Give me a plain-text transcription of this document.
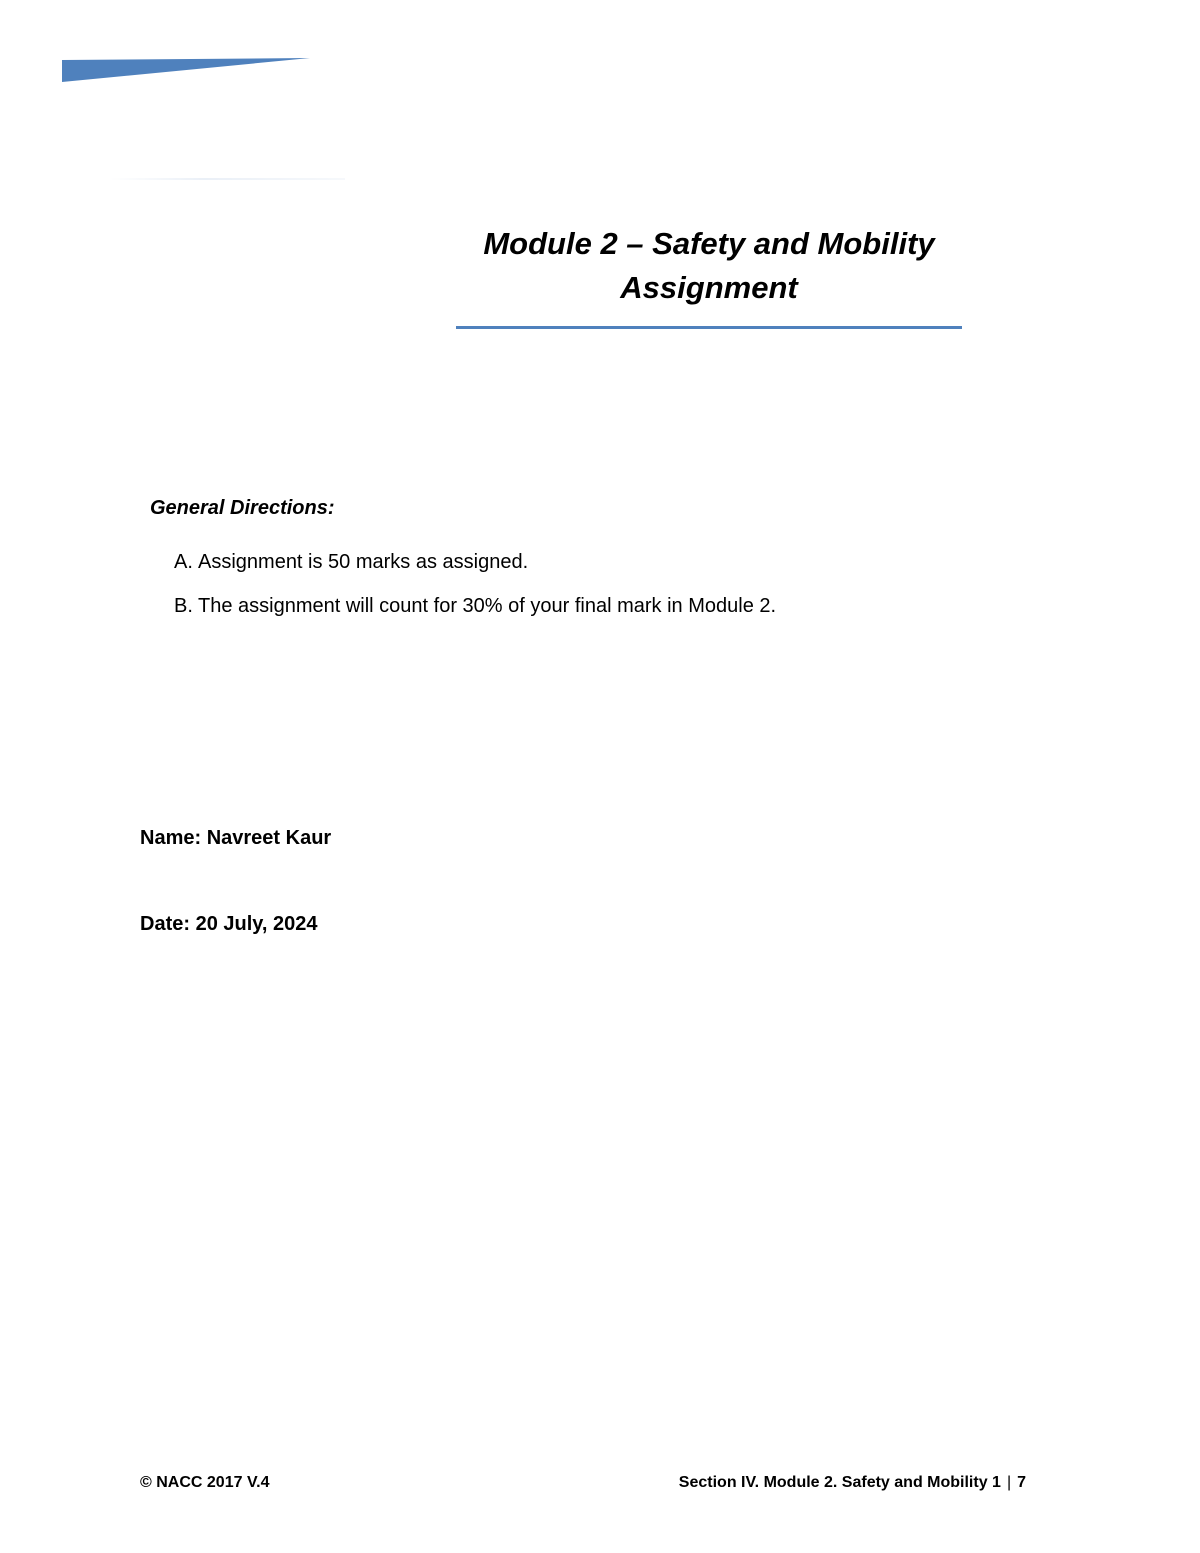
Module 2 – Safety and Mobility
Assignment
General Directions:
A. Assignment is 50 marks as assigned.
B. The assignment will count for 30% of your final mark in Module 2.
Name: Navreet Kaur
Date: 20 July, 2024
© NACC 2017 V.4	Section IV. Module 2. Safety and Mobility 1 | 7
